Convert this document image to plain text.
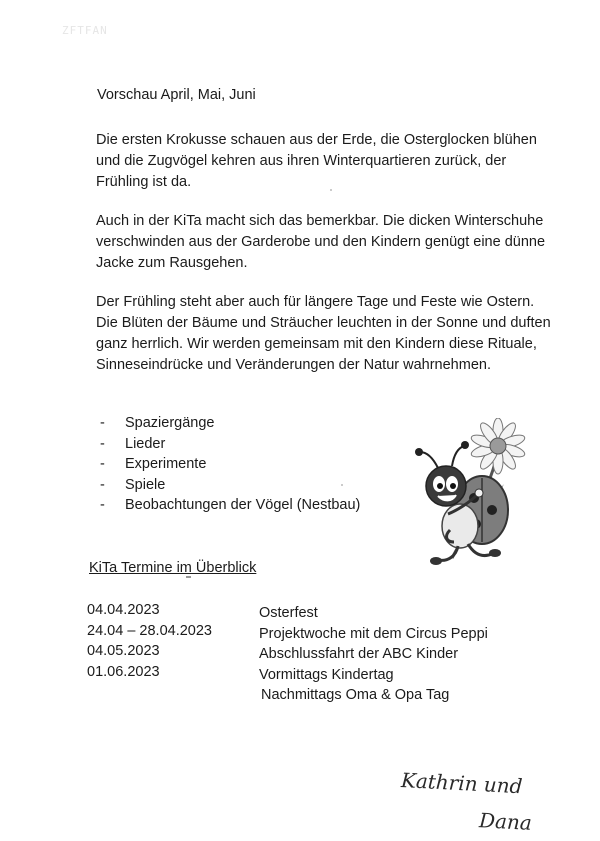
ZFTFAN
Vorschau April, Mai, Juni

Die ersten Krokusse schauen aus der Erde, die Osterglocken blühen und die Zugvögel kehren aus ihren Winterquartieren zurück, der Frühling ist da.

Auch in der KiTa macht sich das bemerkbar. Die dicken Winterschuhe verschwinden aus der Garderobe und den Kindern genügt eine dünne Jacke zum Rausgehen.

Der Frühling steht aber auch für längere Tage und Feste wie Ostern. Die Blüten der Bäume und Sträucher leuchten in der Sonne und duften ganz herrlich. Wir werden gemeinsam mit den Kindern diese Rituale, Sinneseindrücke und Veränderungen der Natur wahrnehmen.

- Spaziergänge
- Lieder
- Experimente
- Spiele
- Beobachtungen der Vögel (Nestbau)
KiTa Termine im Überblick
04.04.2023
24.04 – 28.04.2023
04.05.2023
01.06.2023
Osterfest
Projektwoche mit dem Circus Peppi
Abschlussfahrt der ABC Kinder
Vormittags Kindertag
Nachmittags Oma & Opa Tag
Kathrin und
Dana
